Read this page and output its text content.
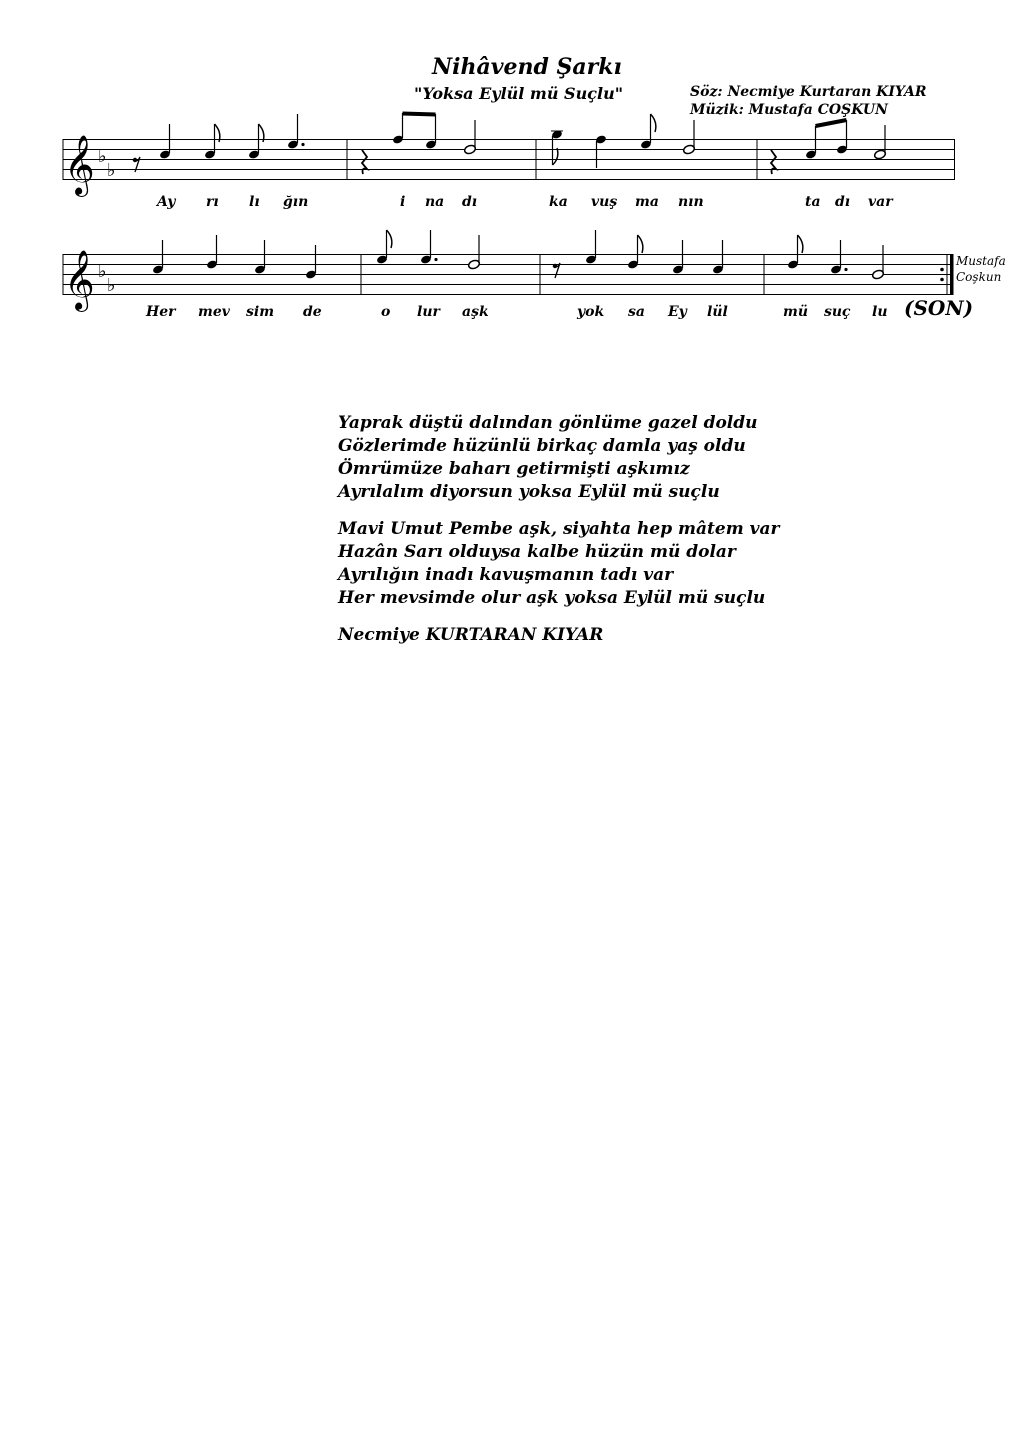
Nihâvend Şarkı
"Yoksa Eylül mü Suçlu"	Söz: Necmiye Kurtaran KIYAR
Müzik: Mustafa COŞKUN
𝄞 ♭
♭
Ay rı lı ğın	i na dı	ka vuş ma nın	ta dı var
𝄞 ♭
♭
Mustafa
Coşkun
Her mev sim de	o lur aşk	yok sa Ey lül	mü suç lu (SON)
Yaprak düştü dalından gönlüme gazel doldu
Gözlerimde hüzünlü birkaç damla yaş oldu
Ömrümüze baharı getirmişti aşkımız
Ayrılalım diyorsun yoksa Eylül mü suçlu
Mavi Umut Pembe aşk, siyahta hep mâtem var
Hazân Sarı olduysa kalbe hüzün mü dolar
Ayrılığın inadı kavuşmanın tadı var
Her mevsimde olur aşk yoksa Eylül mü suçlu
Necmiye KURTARAN KIYAR
